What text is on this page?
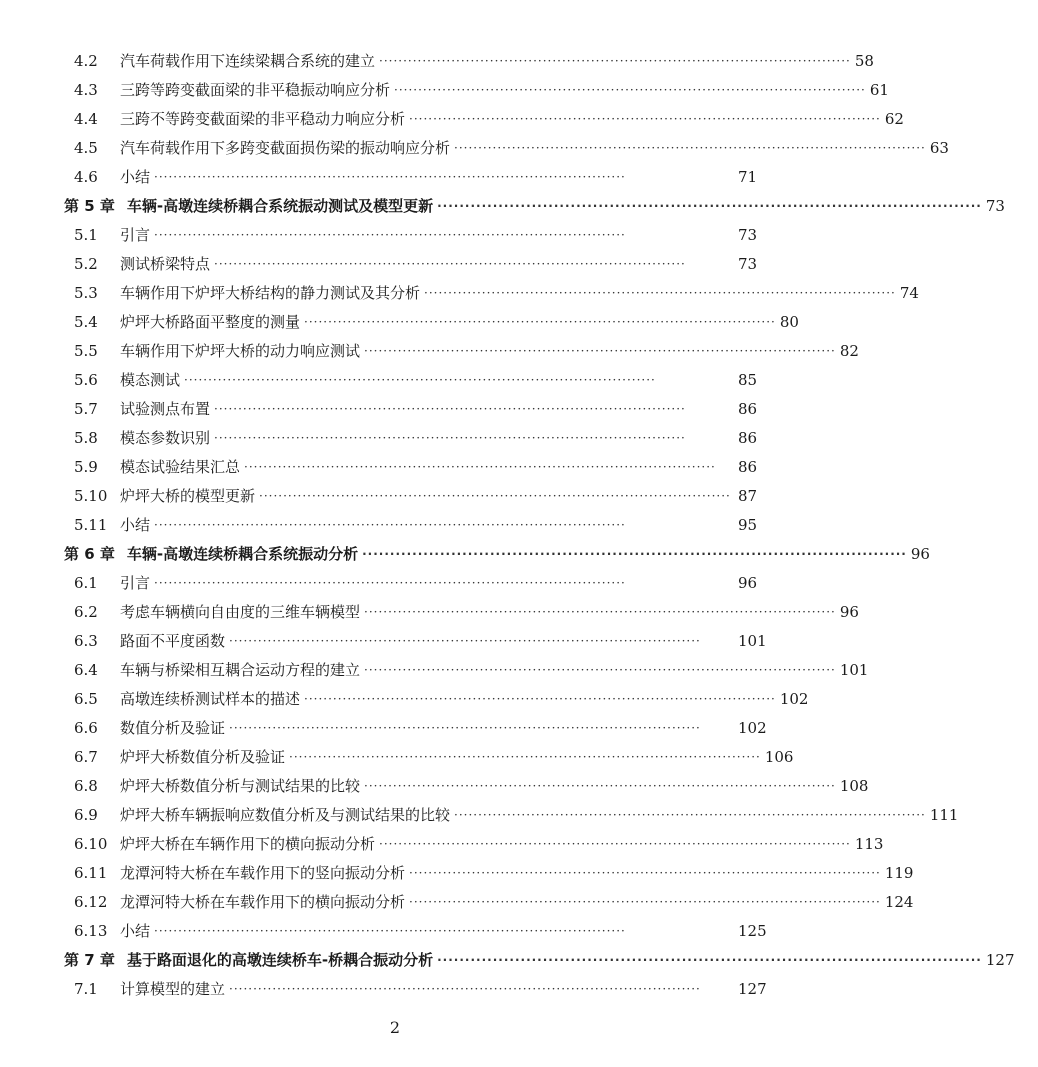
4.2	汽车荷载作用下连续梁耦合系统的建立 ·································································································· 58
4.3	三跨等跨变截面梁的非平稳振动响应分析 ·································································································· 61
4.4	三跨不等跨变截面梁的非平稳动力响应分析 ·································································································· 62
4.5	汽车荷载作用下多跨变截面损伤梁的振动响应分析 ·································································································· 63
4.6	小结 ··································································································	71
第 5 章 车辆-高墩连续桥耦合系统振动测试及模型更新 ·································································································· 73
5.1	引言 ··································································································	73
5.2	测试桥梁特点 ··································································································	73
5.3	车辆作用下炉坪大桥结构的静力测试及其分析 ·································································································· 74
5.4	炉坪大桥路面平整度的测量 ·································································································· 80
5.5	车辆作用下炉坪大桥的动力响应测试 ·································································································· 82
5.6	模态测试 ··································································································	85
5.7	试验测点布置 ··································································································	86
5.8	模态参数识别 ··································································································	86
5.9	模态试验结果汇总 ··································································································	86
5.10 炉坪大桥的模型更新 ·································································································· 87
5.11 小结 ··································································································	95
第 6 章 车辆-高墩连续桥耦合系统振动分析 ·································································································· 96
6.1	引言 ··································································································	96
6.2	考虑车辆横向自由度的三维车辆模型 ·································································································· 96
6.3	路面不平度函数 ··································································································	101
6.4	车辆与桥梁相互耦合运动方程的建立 ·································································································· 101
6.5	高墩连续桥测试样本的描述 ·································································································· 102
6.6	数值分析及验证 ··································································································	102
6.7	炉坪大桥数值分析及验证 ·································································································· 106
6.8	炉坪大桥数值分析与测试结果的比较 ·································································································· 108
6.9	炉坪大桥车辆振响应数值分析及与测试结果的比较 ·································································································· 111
6.10 炉坪大桥在车辆作用下的横向振动分析 ·································································································· 113
6.11 龙潭河特大桥在车载作用下的竖向振动分析 ·································································································· 119
6.12 龙潭河特大桥在车载作用下的横向振动分析 ·································································································· 124
6.13 小结 ··································································································	125
第 7 章 基于路面退化的高墩连续桥车-桥耦合振动分析 ·································································································· 127
7.1	计算模型的建立 ··································································································	127
2
